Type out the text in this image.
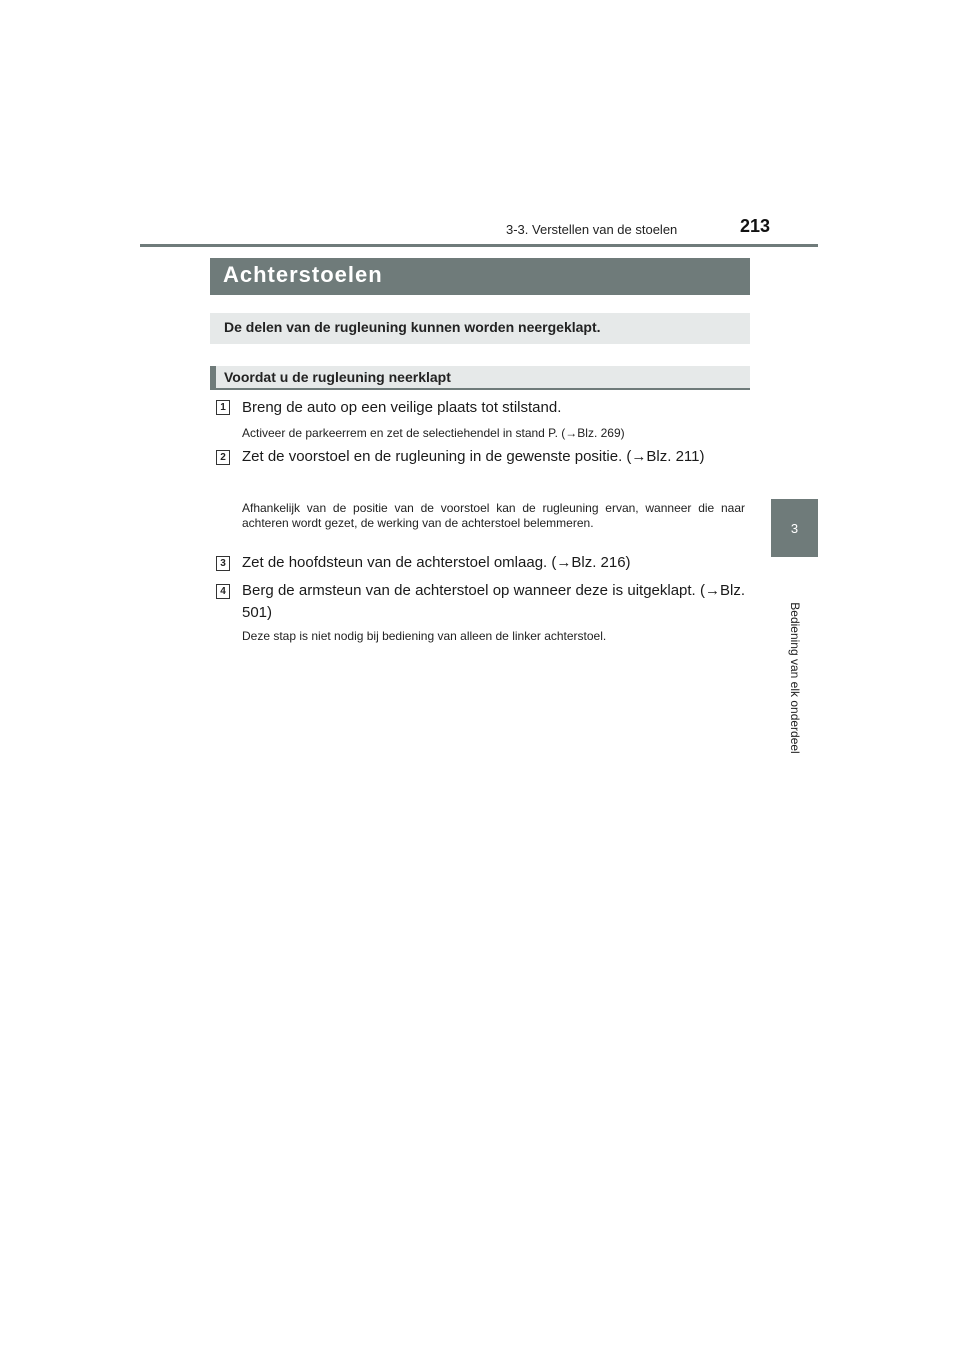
3-3. Verstellen van de stoelen	213
3
Bediening van elk onderdeel
Achterstoelen
De delen van de rugleuning kunnen worden neergeklapt.
Voordat u de rugleuning neerklapt
1 Breng de auto op een veilige plaats tot stilstand.
Activeer de parkeerrem en zet de selectiehendel in stand P. (→Blz. 269)
2 Zet de voorstoel en de rugleuning in de gewenste positie. (→Blz. 211)
Afhankelijk van de positie van de voorstoel kan de rugleuning ervan, wanneer die naar achteren wordt gezet, de werking van de achterstoel belemmeren.
3 Zet de hoofdsteun van de achterstoel omlaag. (→Blz. 216)
4 Berg de armsteun van de achterstoel op wanneer deze is uitgeklapt. (→Blz. 501)
Deze stap is niet nodig bij bediening van alleen de linker achterstoel.
